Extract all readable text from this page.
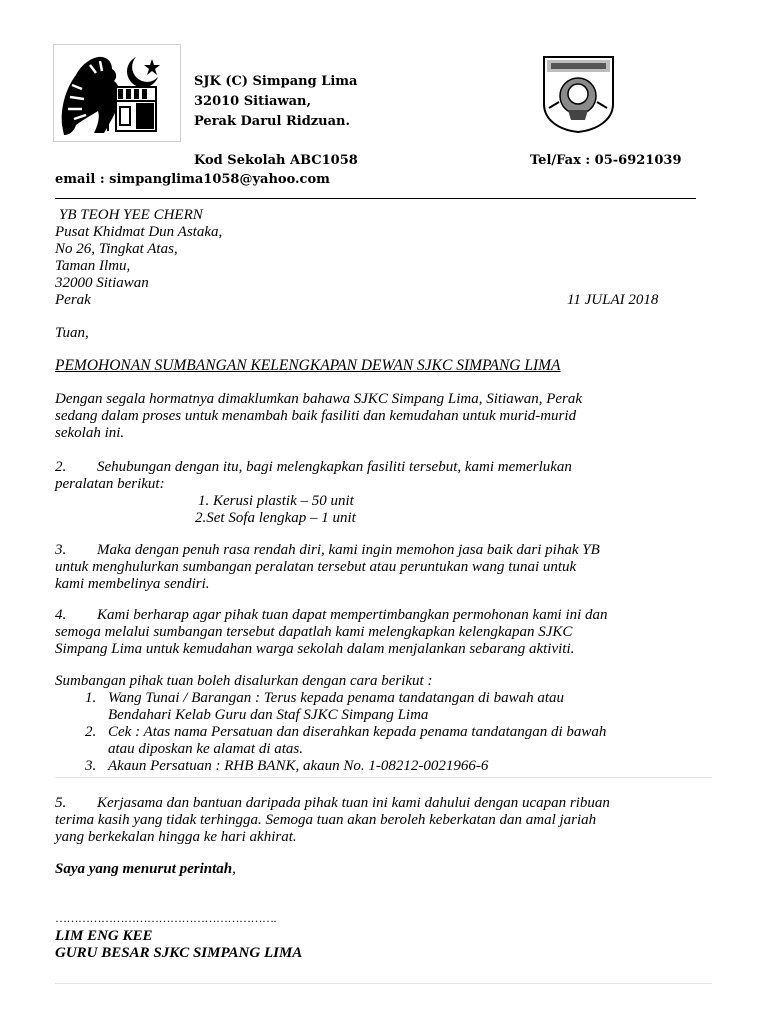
SJK (C) Simpang Lima
32010 Sitiawan,
Perak Darul Ridzuan.
Kod Sekolah ABC1058	Tel/Fax : 05-6921039
email : simpanglima1058@yahoo.com
YB TEOH YEE CHERN
Pusat Khidmat Dun Astaka,
No 26, Tingkat Atas,
Taman Ilmu,
32000 Sitiawan
Perak	11 JULAI 2018
Tuan,
PEMOHONAN SUMBANGAN KELENGKAPAN DEWAN SJKC SIMPANG LIMA
Dengan segala hormatnya dimaklumkan bahawa SJKC Simpang Lima, Sitiawan, Perak
sedang dalam proses untuk menambah baik fasiliti dan kemudahan untuk murid-murid
sekolah ini.
2. Sehubungan dengan itu, bagi melengkapkan fasiliti tersebut, kami memerlukan
peralatan berikut:
1. Kerusi plastik – 50 unit
2.Set Sofa lengkap – 1 unit
3. Maka dengan penuh rasa rendah diri, kami ingin memohon jasa baik dari pihak YB
untuk menghulurkan sumbangan peralatan tersebut atau peruntukan wang tunai untuk
kami membelinya sendiri.
4. Kami berharap agar pihak tuan dapat mempertimbangkan permohonan kami ini dan
semoga melalui sumbangan tersebut dapatlah kami melengkapkan kelengkapan SJKC
Simpang Lima untuk kemudahan warga sekolah dalam menjalankan sebarang aktiviti.
Sumbangan pihak tuan boleh disalurkan dengan cara berikut :
1. Wang Tunai / Barangan : Terus kepada penama tandatangan di bawah atau
Bendahari Kelab Guru dan Staf SJKC Simpang Lima
2. Cek : Atas nama Persatuan dan diserahkan kepada penama tandatangan di bawah
atau diposkan ke alamat di atas.
3. Akaun Persatuan : RHB BANK, akaun No. 1-08212-0021966-6
5. Kerjasama dan bantuan daripada pihak tuan ini kami dahului dengan ucapan ribuan
terima kasih yang tidak terhingga. Semoga tuan akan beroleh keberkatan dan amal jariah
yang berkekalan hingga ke hari akhirat.
Saya yang menurut perintah,
………………………………………………….
LIM ENG KEE
GURU BESAR SJKC SIMPANG LIMA
